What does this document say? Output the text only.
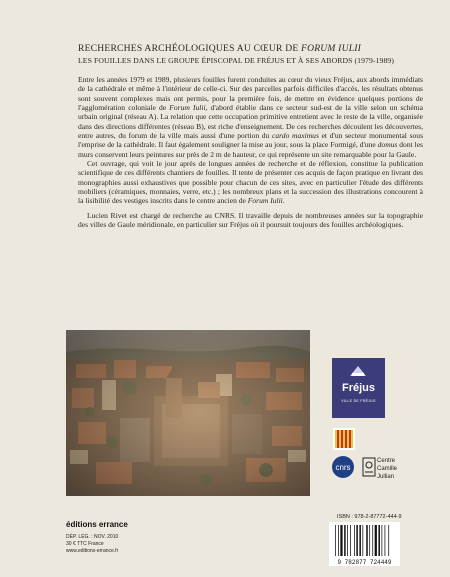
RECHERCHES ARCHÉOLOGIQUES AU CŒUR DE FORUM IULII
LES FOUILLES DANS LE GROUPE ÉPISCOPAL DE FRÉJUS ET À SES ABORDS (1979-1989)

Entre les années 1979 et 1989, plusieurs fouilles furent conduites au cœur du vieux Fréjus, aux abords immédiats de la cathédrale et même à l'intérieur de celle-ci. Sur des parcelles parfois difficiles d'accès, les résultats obtenus sont souvent complexes mais ont permis, pour la première fois, de mettre en évidence quelques portions de l'agglomération coloniale de Forum Iulii, d'abord établie dans ce secteur sud-est de la ville selon un schéma urbain original (réseau A). La relation que cette occupation primitive entretient avec le reste de la ville, organisée dans des directions différentes (réseau B), est riche d'enseignement. De ces recherches découlent les découvertes, entre autres, du forum de la ville mais aussi d'une portion du cardo maximus et d'un secteur monumental sous l'emprise de la cathédrale. Il faut également souligner la mise au jour, sous la place Formigé, d'une domus dont les murs conservent leurs peintures sur près de 2 m de hauteur, ce qui représente un site remarquable pour la Gaule.

Cet ouvrage, qui voit le jour après de longues années de recherche et de réflexion, constitue la publication scientifique de ces différents chantiers de fouilles. Il tente de présenter ces acquis de façon pratique en livrant des monographies aussi exhaustives que possible pour chacun de ces sites, avec en particulier l'étude des différents mobiliers (céramiques, monnaies, verre, etc.) ; les nombreux plans et la succession des illustrations concourent à la lisibilité des vestiges inscrits dans le centre ancien de Forum Iulii.

Lucien Rivet est chargé de recherche au CNRS. Il travaille depuis de nombreuses années sur la topographie des villes de Gaule méridionale, en particulier sur Fréjus où il poursuit toujours des fouilles archéologiques.

Fréjus
VILLE DE FRÉJUS
cnrs
Centre Camille Jullian
éditions errance
DÉP. LÉG. : NOV. 2010
30 € TTC France
www.editions-errance.fr
ISBN : 978-2-87772-444-9
9 782877 724449
